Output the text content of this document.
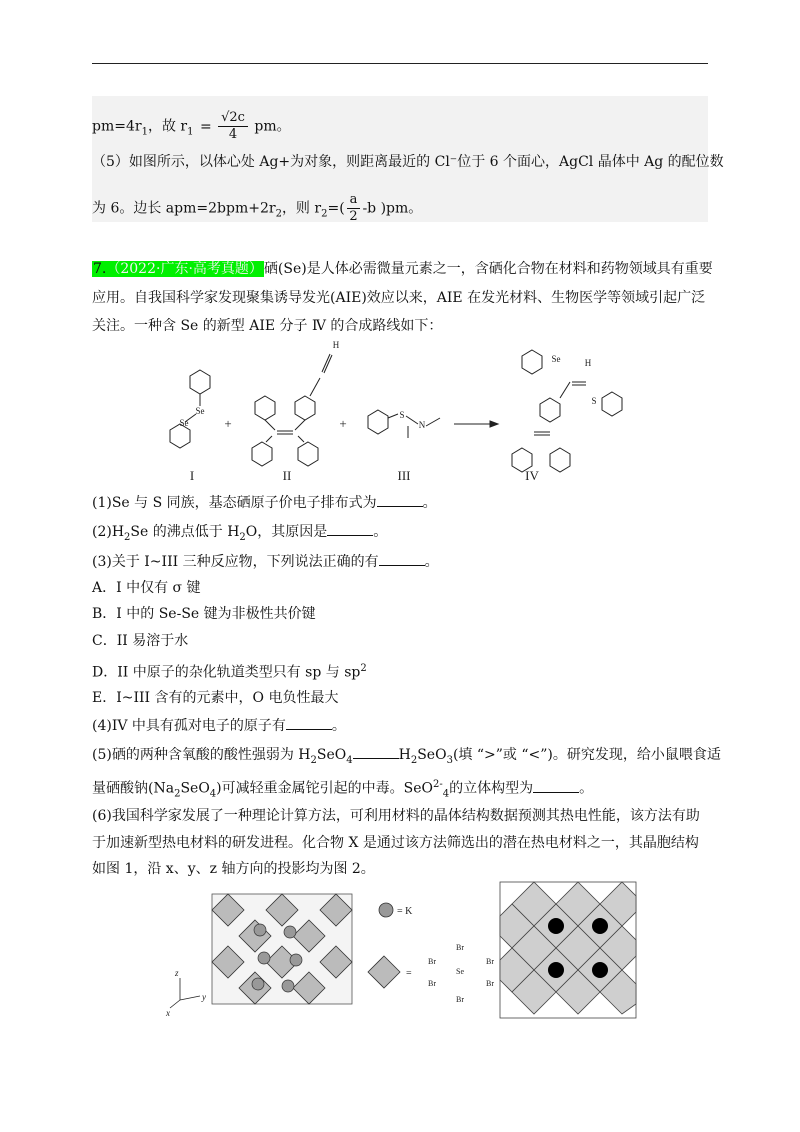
$pm=4r_1$，故 $r_1 = \frac{√2c}{4}$ pm。
（5）如图所示，以体心处 Ag+为对象，则距离最近的 Cl⁻位于 6 个面心，AgCl 晶体中 Ag 的配位数
为 6。边长 $apm=2bpm+2r_2$，则 $r_2=( \frac{a}{2} -b$ )pm。
7.（2022·广东·高考真题）硒(Se)是人体必需微量元素之一，含硒化合物在材料和药物领域具有重要
应用。自我国科学家发现聚集诱导发光(AIE)效应以来，AIE 在发光材料、生物医学等领域引起广泛
关注。一种含 Se 的新型 AIE 分子 Ⅳ 的合成路线如下：
Se
Se
H
S
N
Se	H
S
I
+
II
+
III	IV
(1)Se 与 S 同族，基态硒原子价电子排布式为	。
$(2)H_2Se$ 的沸点低于 $H_2O$，其原因是	。
(3)关于 I~III 三种反应物，下列说法正确的有	。
A．I 中仅有 σ 键
B．I 中的 Se-Se 键为非极性共价键
C．II 易溶于水
D．II 中原子的杂化轨道类型只有 sp 与 $sp^2$
E．I~III 含有的元素中，O 电负性最大
(4)IV 中具有孤对电子的原子有	。
(5)硒的两种含氧酸的酸性强弱为 $H_2SeO_4$	$H_2SeO_3$(填 “>”或 “<”)。研究发现，给小鼠喂食适
量硒酸钠$(Na_2SeO_4)$可减轻重金属铊引起的中毒。SeO$^{2-}_4$的立体构型为	。
(6)我国科学家发展了一种理论计算方法，可利用材料的晶体结构数据预测其热电性能，该方法有助
于加速新型热电材料的研发进程。化合物 X 是通过该方法筛选出的潜在热电材料之一，其晶胞结构
如图 1，沿 x、y、z 轴方向的投影均为图 2。
z
y
x
= K
=
Br
Br	Br
Se
Br	Br
Br
